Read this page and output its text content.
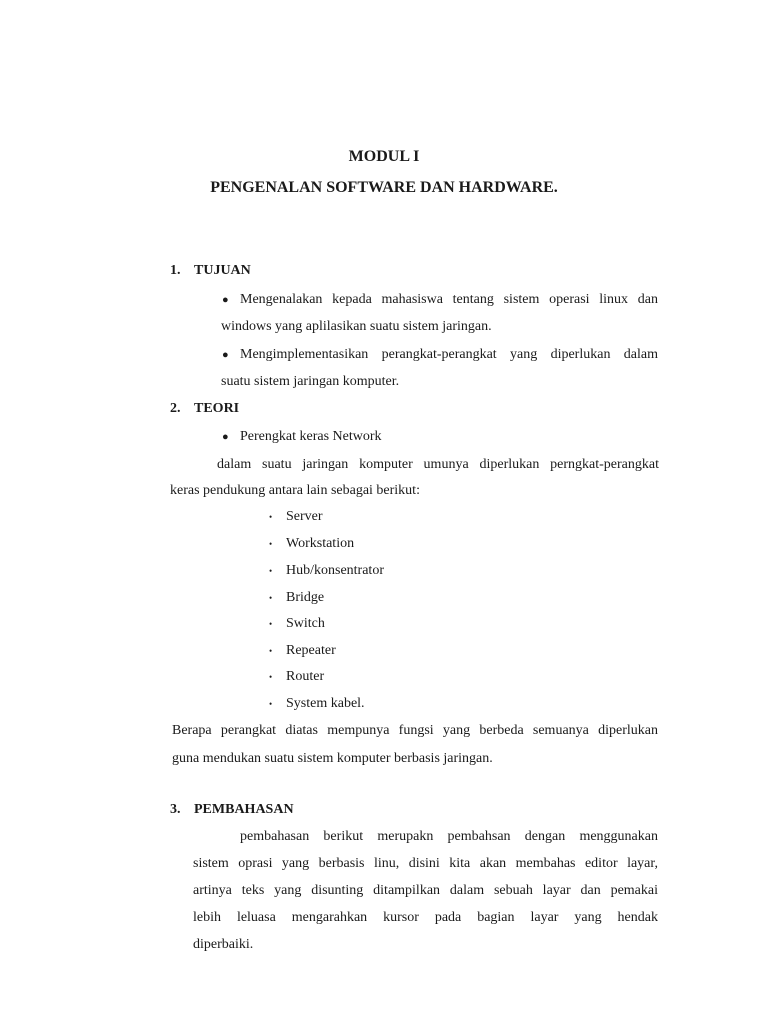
MODUL I
PENGENALAN SOFTWARE DAN HARDWARE.
1. TUJUAN
● Mengenalakan kepada mahasiswa tentang sistem operasi linux dan
windows yang aplilasikan suatu sistem jaringan.
● Mengimplementasikan perangkat-perangkat yang diperlukan dalam
suatu sistem jaringan komputer.
2. TEORI
● Perengkat keras Network
dalam suatu jaringan komputer umunya diperlukan perngkat-perangkat
keras pendukung antara lain sebagai berikut:
• Server
• Workstation
• Hub/konsentrator
• Bridge
• Switch
• Repeater
• Router
• System kabel.
Berapa perangkat diatas mempunya fungsi yang berbeda semuanya diperlukan
guna mendukan suatu sistem komputer berbasis jaringan.
3. PEMBAHASAN
pembahasan berikut merupakn pembahsan dengan menggunakan
sistem oprasi yang berbasis linu, disini kita akan membahas editor layar,
artinya teks yang disunting ditampilkan dalam sebuah layar dan pemakai
lebih leluasa mengarahkan kursor pada bagian layar yang hendak
diperbaiki.
